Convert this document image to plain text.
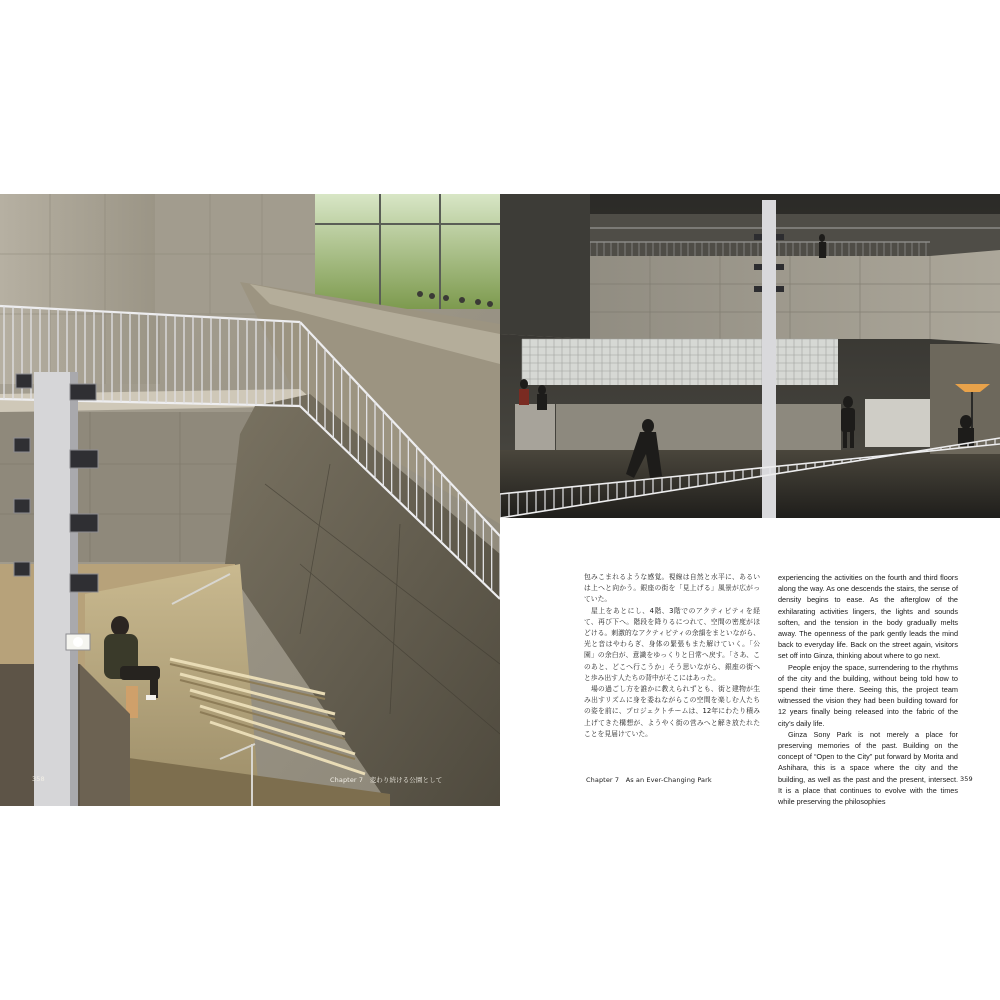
358	Chapter 7　変わり続ける公園として

包みこまれるような感覚。視線は自然と水平に、あるいは上へと向かう。銀座の街を「見上げる」風景が広がっていた。

屋上をあとにし、4階、3階でのアクティビティを経て、再び下へ。階段を降りるにつれて、空間の密度がほどける。刺激的なアクティビティの余韻をまといながら、光と音はやわらぎ、身体の緊張もまた解けていく。「公園」の余白が、意識をゆっくりと日常へ戻す。「さあ、このあと、どこへ行こうか」そう思いながら、銀座の街へと歩み出す人たちの背中がそこにはあった。

場の過ごし方を誰かに教えられずとも、街と建物が生み出すリズムに身を委ねながらこの空間を楽しむ人たちの姿を前に、プロジェクトチームは、12年にわたり積み上げてきた構想が、ようやく街の営みへと解き放たれたことを見届けていた。

experiencing the activities on the fourth and third floors along the way. As one descends the stairs, the sense of density begins to ease. As the afterglow of the exhilarating activities lingers, the lights and sounds soften, and the tension in the body gradually melts away. The openness of the park gently leads the mind back to everyday life. Back on the street again, visitors set off into Ginza, thinking about where to go next.

People enjoy the space, surrendering to the rhythms of the city and the building, without being told how to spend their time there. Seeing this, the project team witnessed the vision they had been building toward for 12 years finally being released into the fabric of the city’s daily life.

Ginza Sony Park is not merely a place for preserving memories of the past. Building on the concept of “Open to the City” put forward by Morita and Ashihara, this is a space where the city and the building, as well as the past and the present, intersect. It is a place that continues to evolve with the times while preserving the philosophies

Chapter 7　As an Ever-Changing Park	359
